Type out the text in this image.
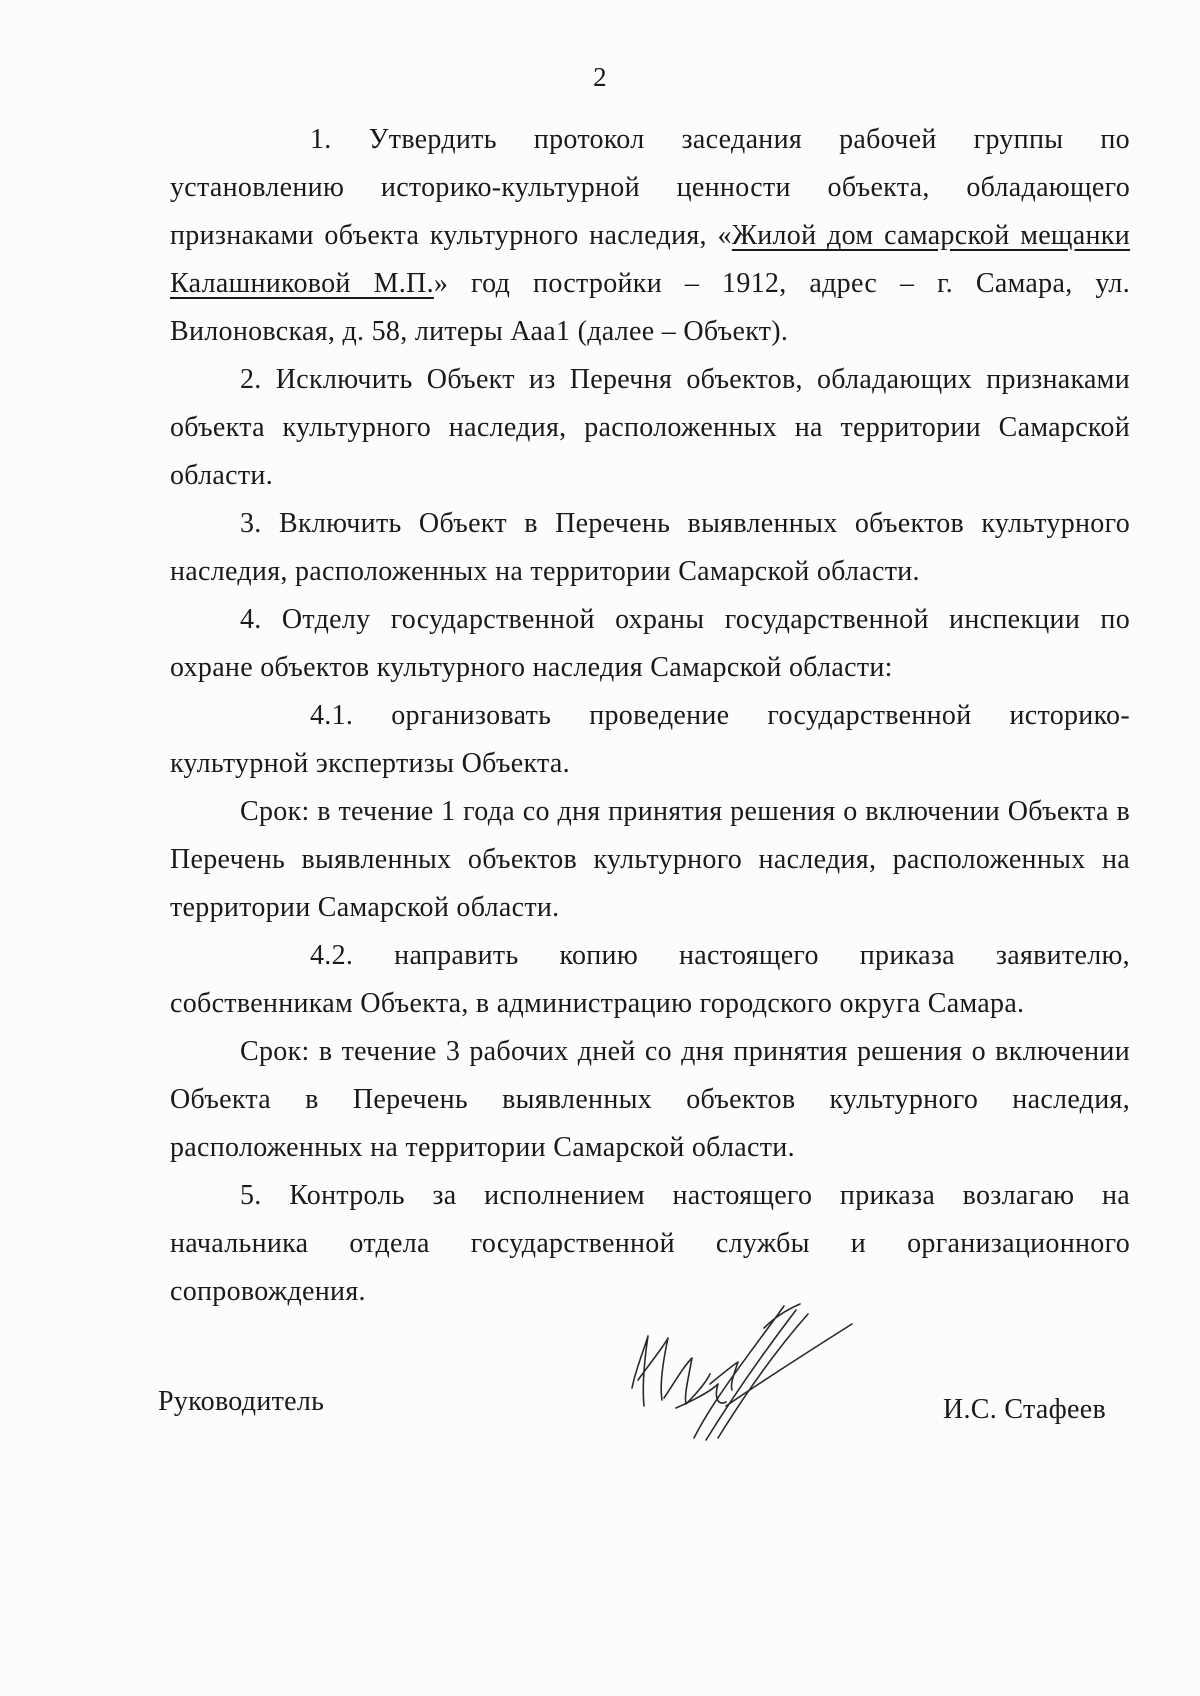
2

1. Утвердить протокол заседания рабочей группы по установлению историко-культурной ценности объекта, обладающего признаками объекта культурного наследия, «Жилой дом самарской мещанки Калашниковой М.П.» год постройки – 1912, адрес – г. Самара, ул. Вилоновская, д. 58, литеры Ааа1 (далее – Объект).

2. Исключить Объект из Перечня объектов, обладающих признаками объекта культурного наследия, расположенных на территории Самарской области.

3. Включить Объект в Перечень выявленных объектов культурного наследия, расположенных на территории Самарской области.

4. Отделу государственной охраны государственной инспекции по охране объектов культурного наследия Самарской области:

4.1. организовать проведение государственной историко-культурной экспертизы Объекта.

Срок: в течение 1 года со дня принятия решения о включении Объекта в Перечень выявленных объектов культурного наследия, расположенных на территории Самарской области.

4.2. направить копию настоящего приказа заявителю, собственникам Объекта, в администрацию городского округа Самара.

Срок: в течение 3 рабочих дней со дня принятия решения о включении Объекта в Перечень выявленных объектов культурного наследия, расположенных на территории Самарской области.

5. Контроль за исполнением настоящего приказа возлагаю на начальника отдела государственной службы и организационного сопровождения.

Руководитель	И.С. Стафеев
